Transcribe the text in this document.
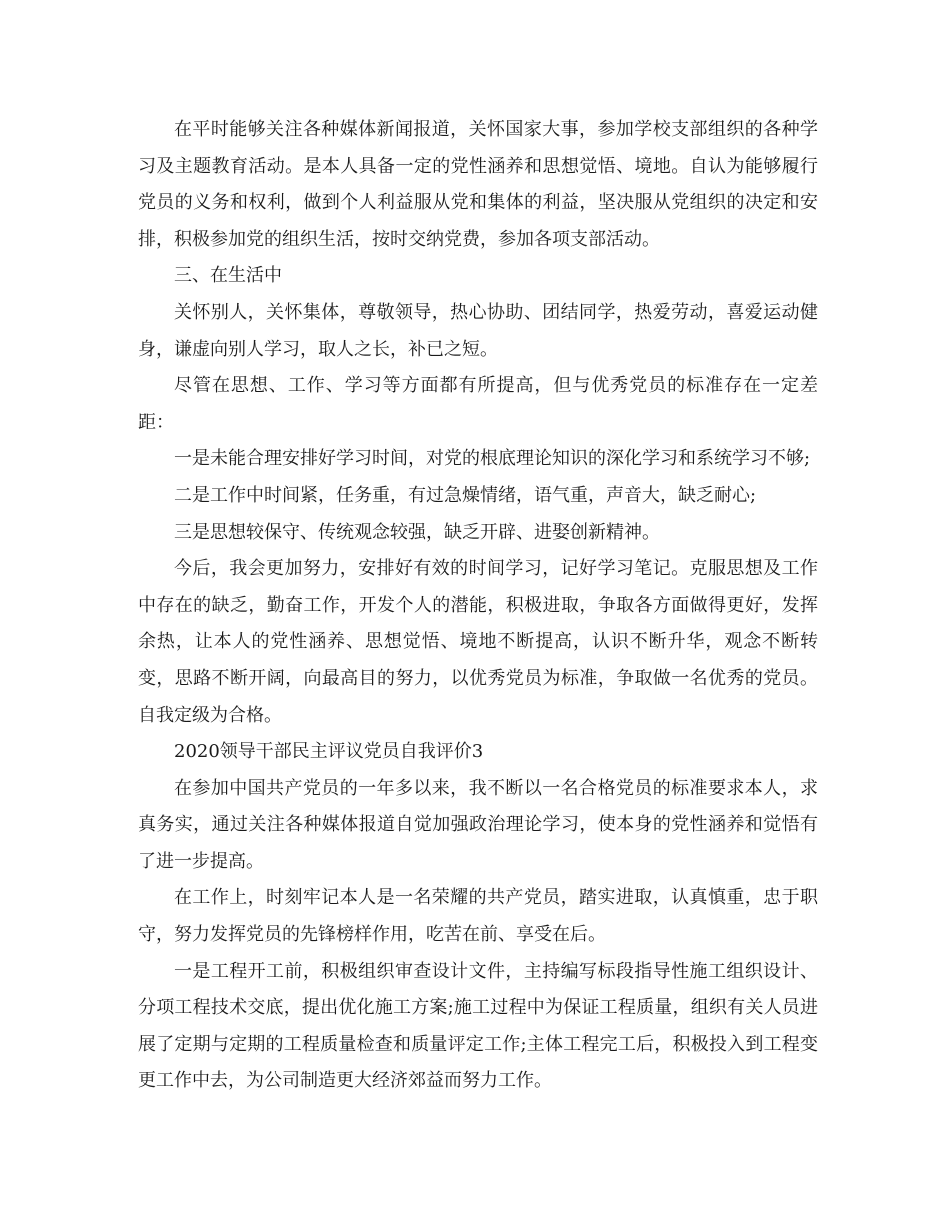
在平时能够关注各种媒体新闻报道，关怀国家大事，参加学校支部组织的各种学习及主题教育活动。是本人具备一定的党性涵养和思想觉悟、境地。自认为能够履行党员的义务和权利，做到个人利益服从党和集体的利益，坚决服从党组织的决定和安排，积极参加党的组织生活，按时交纳党费，参加各项支部活动。

三、在生活中

关怀别人，关怀集体，尊敬领导，热心协助、团结同学，热爱劳动，喜爱运动健身，谦虚向别人学习，取人之长，补已之短。

尽管在思想、工作、学习等方面都有所提高，但与优秀党员的标准存在一定差距：

一是未能合理安排好学习时间，对党的根底理论知识的深化学习和系统学习不够;

二是工作中时间紧，任务重，有过急燥情绪，语气重，声音大，缺乏耐心;

三是思想较保守、传统观念较强，缺乏开辟、进娶创新精神。

今后，我会更加努力，安排好有效的时间学习，记好学习笔记。克服思想及工作中存在的缺乏，勤奋工作，开发个人的潜能，积极进取，争取各方面做得更好，发挥余热，让本人的党性涵养、思想觉悟、境地不断提高，认识不断升华，观念不断转变，思路不断开阔，向最高目的努力，以优秀党员为标准，争取做一名优秀的党员。自我定级为合格。

2020领导干部民主评议党员自我评价3

在参加中国共产党员的一年多以来，我不断以一名合格党员的标准要求本人，求真务实，通过关注各种媒体报道自觉加强政治理论学习，使本身的党性涵养和觉悟有了进一步提高。

在工作上，时刻牢记本人是一名荣耀的共产党员，踏实进取，认真慎重，忠于职守，努力发挥党员的先锋榜样作用，吃苦在前、享受在后。

一是工程开工前，积极组织审查设计文件，主持编写标段指导性施工组织设计、分项工程技术交底，提出优化施工方案;施工过程中为保证工程质量，组织有关人员进展了定期与定期的工程质量检查和质量评定工作;主体工程完工后，积极投入到工程变更工作中去，为公司制造更大经济郊益而努力工作。
